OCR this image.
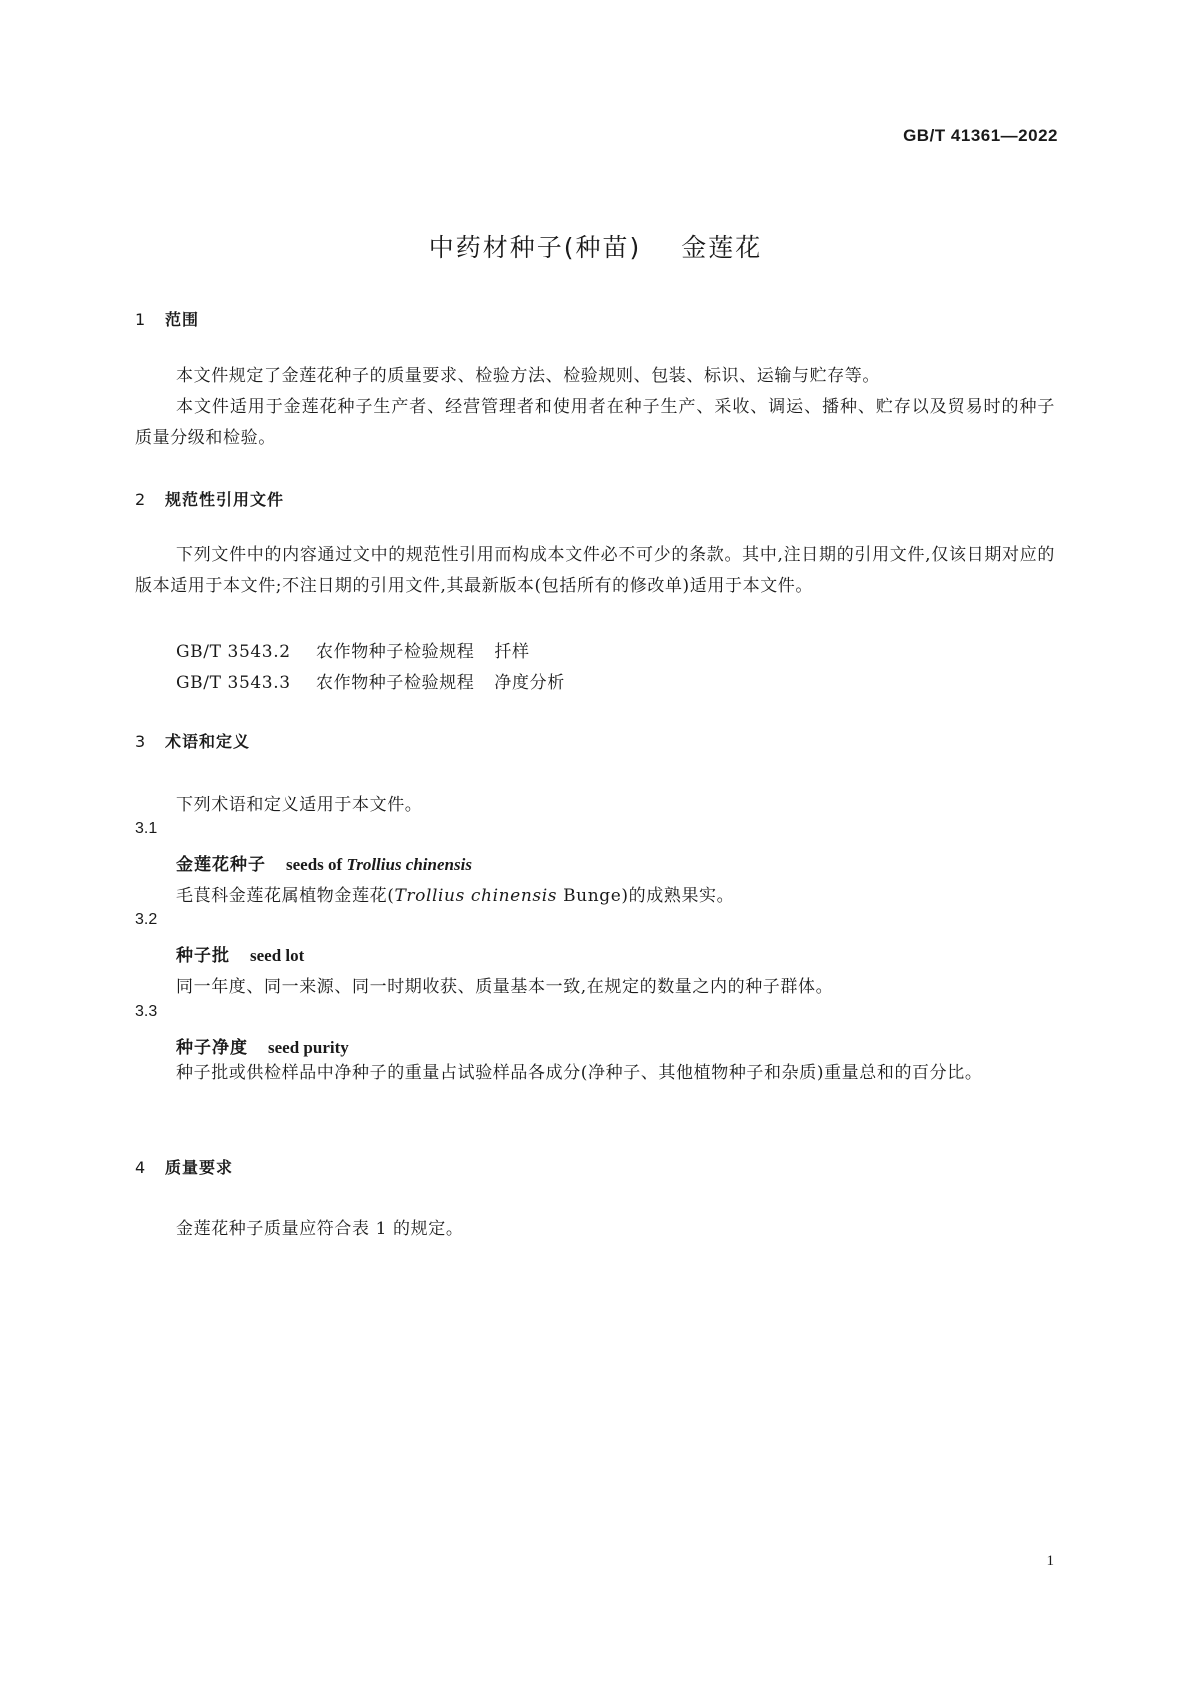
GB/T 41361—2022
中药材种子(种苗) 金莲花
1 范围
本文件规定了金莲花种子的质量要求、检验方法、检验规则、包装、标识、运输与贮存等。
本文件适用于金莲花种子生产者、经营管理者和使用者在种子生产、采收、调运、播种、贮存以及贸易时的种子质量分级和检验。
2 规范性引用文件
下列文件中的内容通过文中的规范性引用而构成本文件必不可少的条款。其中,注日期的引用文件,仅该日期对应的版本适用于本文件;不注日期的引用文件,其最新版本(包括所有的修改单)适用于本文件。
GB/T 3543.2 农作物种子检验规程 扦样
GB/T 3543.3 农作物种子检验规程 净度分析
3 术语和定义
下列术语和定义适用于本文件。
3.1
金莲花种子 seeds of Trollius chinensis
毛茛科金莲花属植物金莲花(Trollius chinensis Bunge)的成熟果实。
3.2
种子批 seed lot
同一年度、同一来源、同一时期收获、质量基本一致,在规定的数量之内的种子群体。
3.3
种子净度 seed purity
种子批或供检样品中净种子的重量占试验样品各成分(净种子、其他植物种子和杂质)重量总和的百分比。
4 质量要求
金莲花种子质量应符合表 1 的规定。
1
